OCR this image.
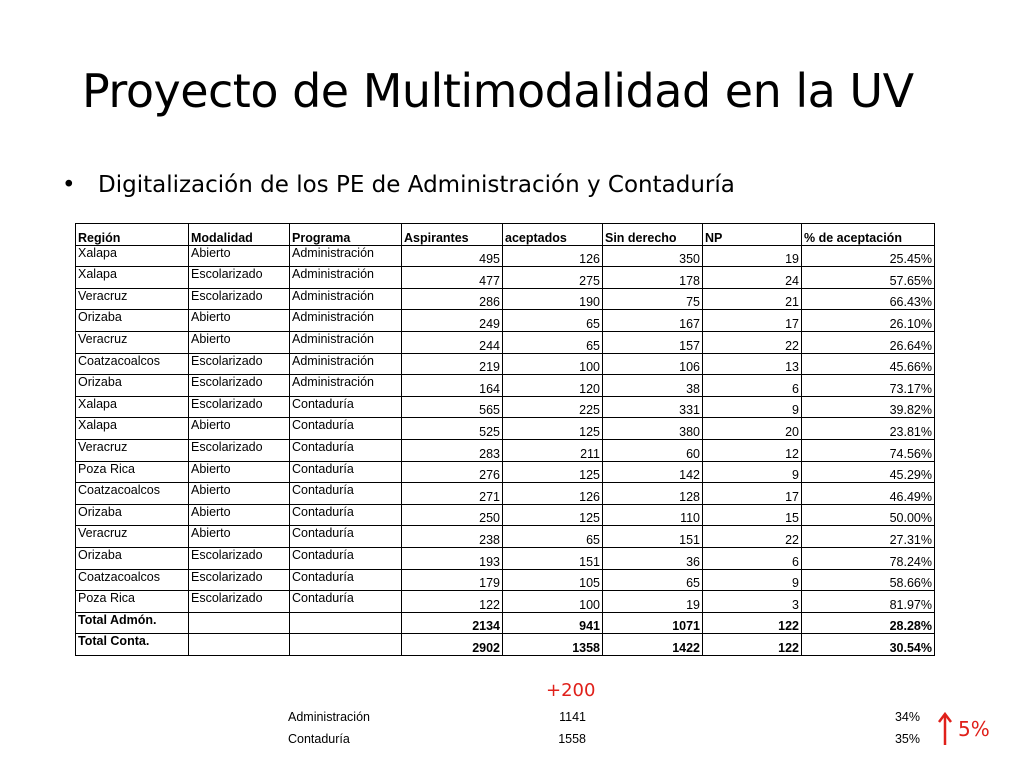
Proyecto de Multimodalidad en la UV
• Digitalización de los PE de Administración y Contaduría
Región	Modalidad	Programa	Aspirantes	aceptados	Sin derecho	NP	% de aceptación
Xalapa	Abierto	Administración	495	126	350	19	25.45%
Xalapa	Escolarizado	Administración	477	275	178	24	57.65%
Veracruz	Escolarizado	Administración	286	190	75	21	66.43%
Orizaba	Abierto	Administración	249	65	167	17	26.10%
Veracruz	Abierto	Administración	244	65	157	22	26.64%
Coatzacoalcos	Escolarizado	Administración	219	100	106	13	45.66%
Orizaba	Escolarizado	Administración	164	120	38	6	73.17%
Xalapa	Escolarizado	Contaduría	565	225	331	9	39.82%
Xalapa	Abierto	Contaduría	525	125	380	20	23.81%
Veracruz	Escolarizado	Contaduría	283	211	60	12	74.56%
Poza Rica	Abierto	Contaduría	276	125	142	9	45.29%
Coatzacoalcos	Abierto	Contaduría	271	126	128	17	46.49%
Orizaba	Abierto	Contaduría	250	125	110	15	50.00%
Veracruz	Abierto	Contaduría	238	65	151	22	27.31%
Orizaba	Escolarizado	Contaduría	193	151	36	6	78.24%
Coatzacoalcos	Escolarizado	Contaduría	179	105	65	9	58.66%
Poza Rica	Escolarizado	Contaduría	122	100	19	3	81.97%
Total Admón.			2134	941	1071	122	28.28%
Total Conta.			2902	1358	1422	122	30.54%
+200
Administración	1141	34%
Contaduría	1558	35% 5%
